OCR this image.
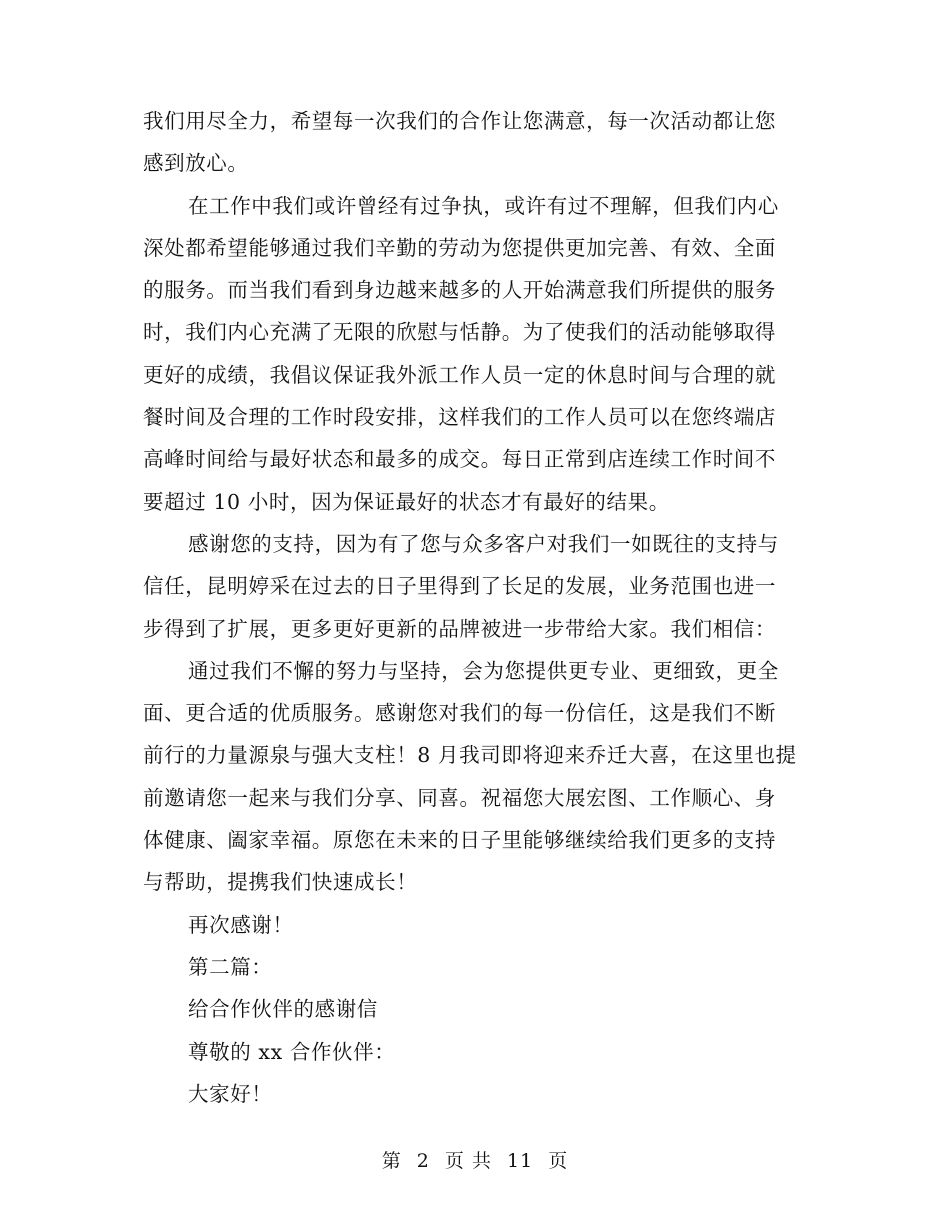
我们用尽全力，希望每一次我们的合作让您满意，每一次活动都让您

感到放心。

在工作中我们或许曾经有过争执，或许有过不理解，但我们内心

深处都希望能够通过我们辛勤的劳动为您提供更加完善、有效、全面

的服务。而当我们看到身边越来越多的人开始满意我们所提供的服务

时，我们内心充满了无限的欣慰与恬静。为了使我们的活动能够取得

更好的成绩，我倡议保证我外派工作人员一定的休息时间与合理的就

餐时间及合理的工作时段安排，这样我们的工作人员可以在您终端店

高峰时间给与最好状态和最多的成交。每日正常到店连续工作时间不

要超过 10 小时，因为保证最好的状态才有最好的结果。

感谢您的支持，因为有了您与众多客户对我们一如既往的支持与

信任，昆明婷采在过去的日子里得到了长足的发展，业务范围也进一

步得到了扩展，更多更好更新的品牌被进一步带给大家。我们相信：

通过我们不懈的努力与坚持，会为您提供更专业、更细致，更全

面、更合适的优质服务。感谢您对我们的每一份信任，这是我们不断

前行的力量源泉与强大支柱！8 月我司即将迎来乔迁大喜，在这里也提

前邀请您一起来与我们分享、同喜。祝福您大展宏图、工作顺心、身

体健康、阖家幸福。原您在未来的日子里能够继续给我们更多的支持

与帮助，提携我们快速成长！

再次感谢！

第二篇：

给合作伙伴的感谢信

尊敬的 xx 合作伙伴：

大家好！

第 2 页 共 11 页
